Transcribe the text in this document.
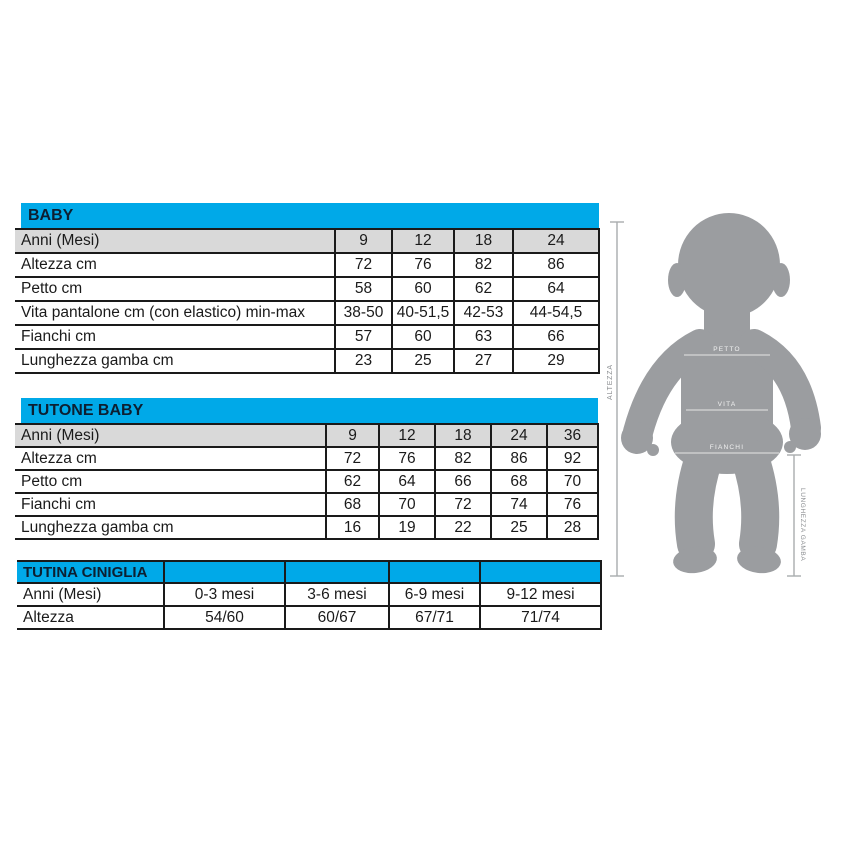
BABY
Anni (Mesi)	9	12	18	24
Altezza cm	72	76	82	86
Petto cm	58	60	62	64
Vita pantalone cm (con elastico) min-max	38-50	40-51,5	42-53	44-54,5
Fianchi cm	57	60	63	66
Lunghezza gamba cm	23	25	27	29
TUTONE BABY
Anni (Mesi)	9	12	18	24	36
Altezza cm	72	76	82	86	92
Petto cm	62	64	66	68	70
Fianchi cm	68	70	72	74	76
Lunghezza gamba cm	16	19	22	25	28
TUTINA CINIGLIA				
Anni (Mesi)	0-3 mesi	3-6 mesi	6-9 mesi	9-12 mesi
Altezza	54/60	60/67	67/71	71/74
ALTEZZA
PETTO
VITA
FIANCHI
LUNGHEZZA GAMBA
